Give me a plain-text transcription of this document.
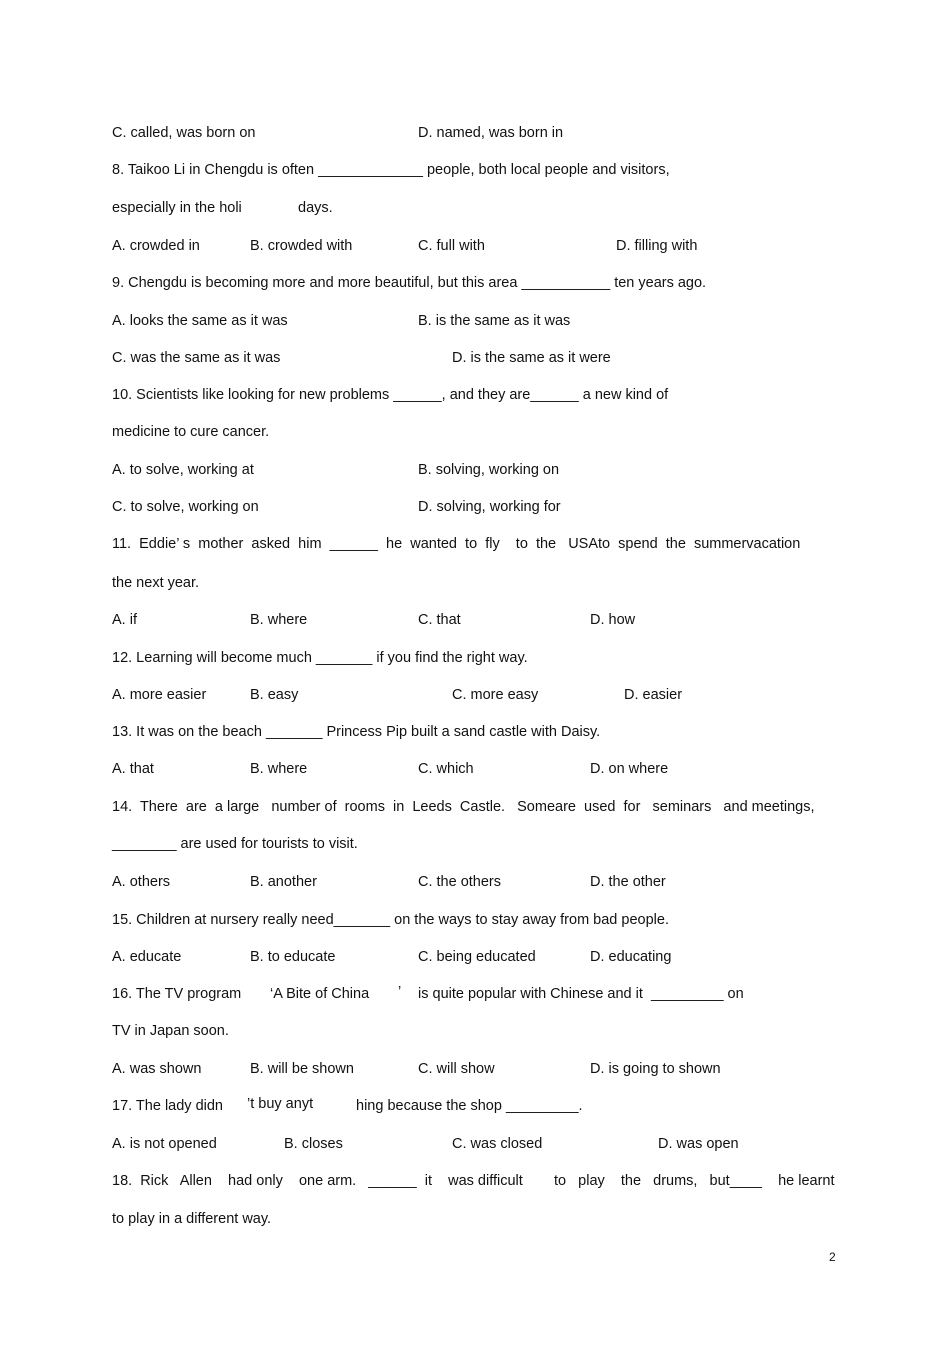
C. called, was born on	D. named, was born in
8. Taikoo Li in Chengdu is often _____________ people, both local people and visitors,
especially in the holi	days.
A. crowded in	B. crowded with	C. full with	D. filling with
9. Chengdu is becoming more and more beautiful, but this area ___________ ten years ago.
A. looks the same as it was	B. is the same as it was
C. was the same as it was	D. is the same as it were
10. Scientists like looking for new problems ______, and they are______ a new kind of
medicine to cure cancer.
A. to solve, working at	B. solving, working on
C. to solve, working on	D. solving, working for
11.  Eddie’ s  mother  asked  him  ______  he  wanted  to  fly    to  the   USAto  spend  the  summervacation
the next year.
A. if	B. where	C. that	D. how
12. Learning will become much _______ if you find the right way.
A. more easier	B. easy	C. more easy	D. easier
13. It was on the beach _______ Princess Pip built a sand castle with Daisy.
A. that	B. where	C. which	D. on where
14.  There  are  a large   number of  rooms  in  Leeds  Castle.   Someare  used  for   seminars   and meetings,
________ are used for tourists to visit.
A. others	B. another	C. the others	D. the other
15. Children at nursery really need_______ on the ways to stay away from bad people.
A. educate	B. to educate	C. being educated	D. educating
16. The TV program ‘A Bite of China ’ is quite popular with Chinese and it  _________ on
TV in Japan soon.
A. was shown	B. will be shown	C. will show	D. is going to shown
17. The lady didn ’t buy anyt	hing because the shop _________.
A. is not opened	B. closes	C. was closed	D. was open
18.  Rick   Allen    had only    one arm.   ______  it    was difficult to   play    the   drums,   but____    he learnt
to play in a different way.
2
